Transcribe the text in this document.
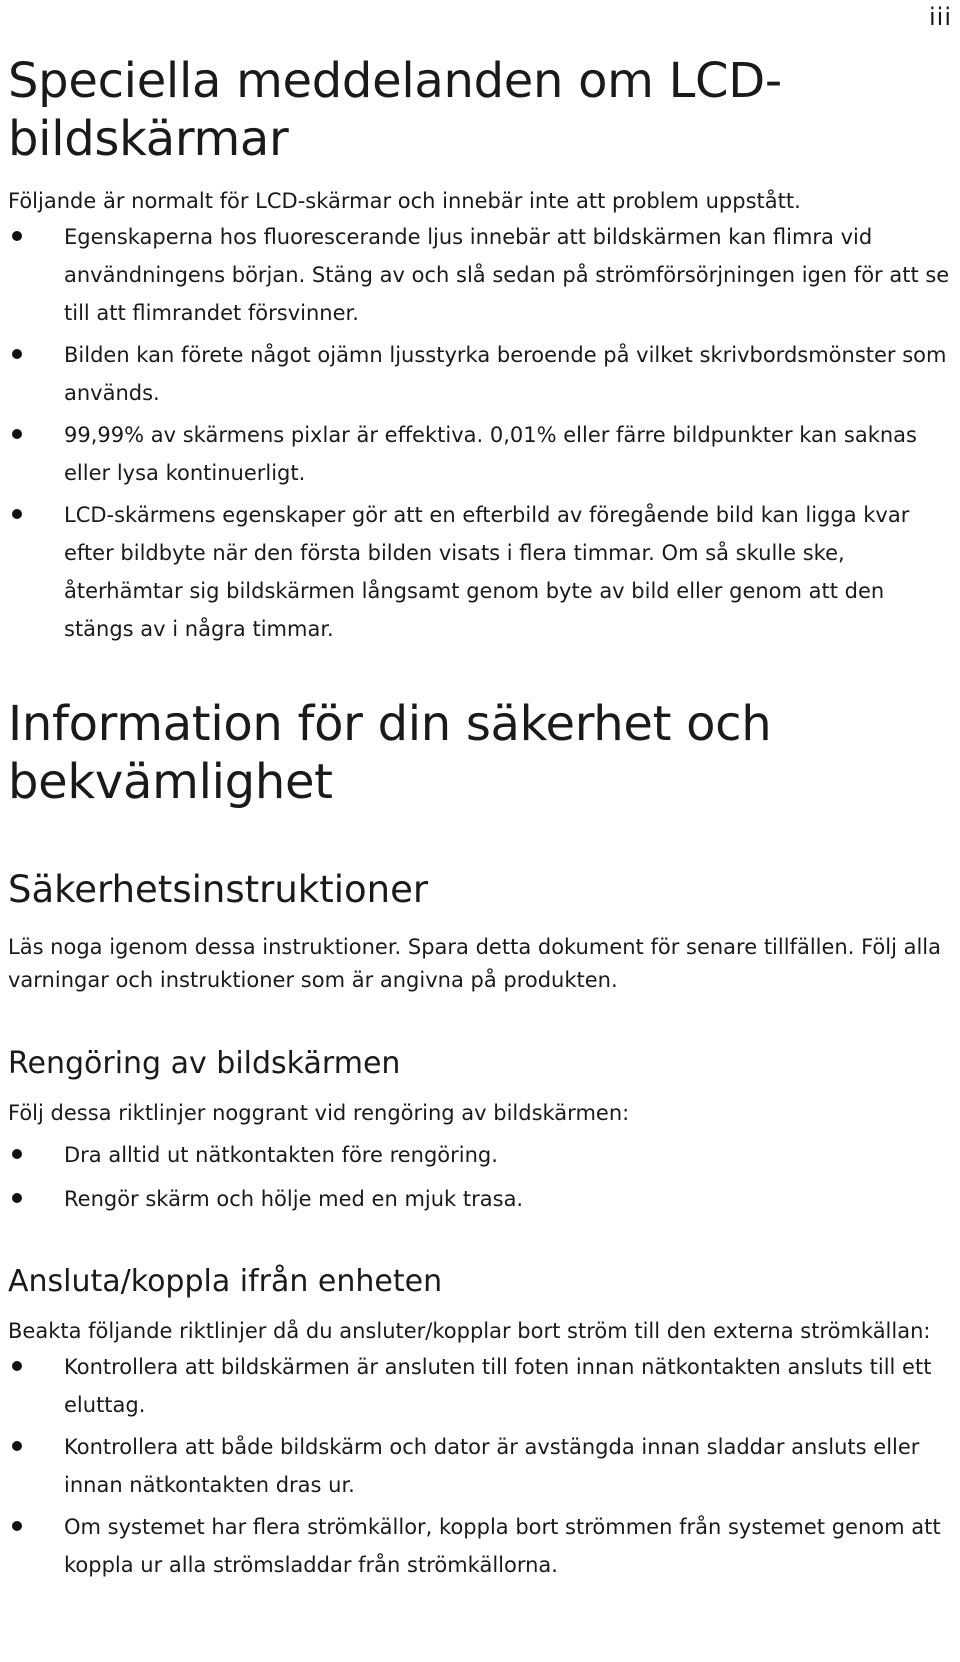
iii
Speciella meddelanden om LCD-bildskärmar

Följande är normalt för LCD-skärmar och innebär inte att problem uppstått.

Egenskaperna hos fluorescerande ljus innebär att bildskärmen kan flimra vid användningens början. Stäng av och slå sedan på strömförsörjningen igen för att se till att flimrandet försvinner.
Bilden kan förete något ojämn ljusstyrka beroende på vilket skrivbordsmönster som används.
99,99% av skärmens pixlar är effektiva. 0,01% eller färre bildpunkter kan saknas eller lysa kontinuerligt.
LCD-skärmens egenskaper gör att en efterbild av föregående bild kan ligga kvar efter bildbyte när den första bilden visats i flera timmar. Om så skulle ske, återhämtar sig bildskärmen långsamt genom byte av bild eller genom att den stängs av i några timmar.
Information för din säkerhet och bekvämlighet
Säkerhetsinstruktioner

Läs noga igenom dessa instruktioner. Spara detta dokument för senare tillfällen. Följ alla varningar och instruktioner som är angivna på produkten.

Rengöring av bildskärmen

Följ dessa riktlinjer noggrant vid rengöring av bildskärmen:

Dra alltid ut nätkontakten före rengöring.
Rengör skärm och hölje med en mjuk trasa.
Ansluta/koppla ifrån enheten

Beakta följande riktlinjer då du ansluter/kopplar bort ström till den externa strömkällan:

Kontrollera att bildskärmen är ansluten till foten innan nätkontakten ansluts till ett eluttag.
Kontrollera att både bildskärm och dator är avstängda innan sladdar ansluts eller innan nätkontakten dras ur.
Om systemet har flera strömkällor, koppla bort strömmen från systemet genom att koppla ur alla strömsladdar från strömkällorna.
